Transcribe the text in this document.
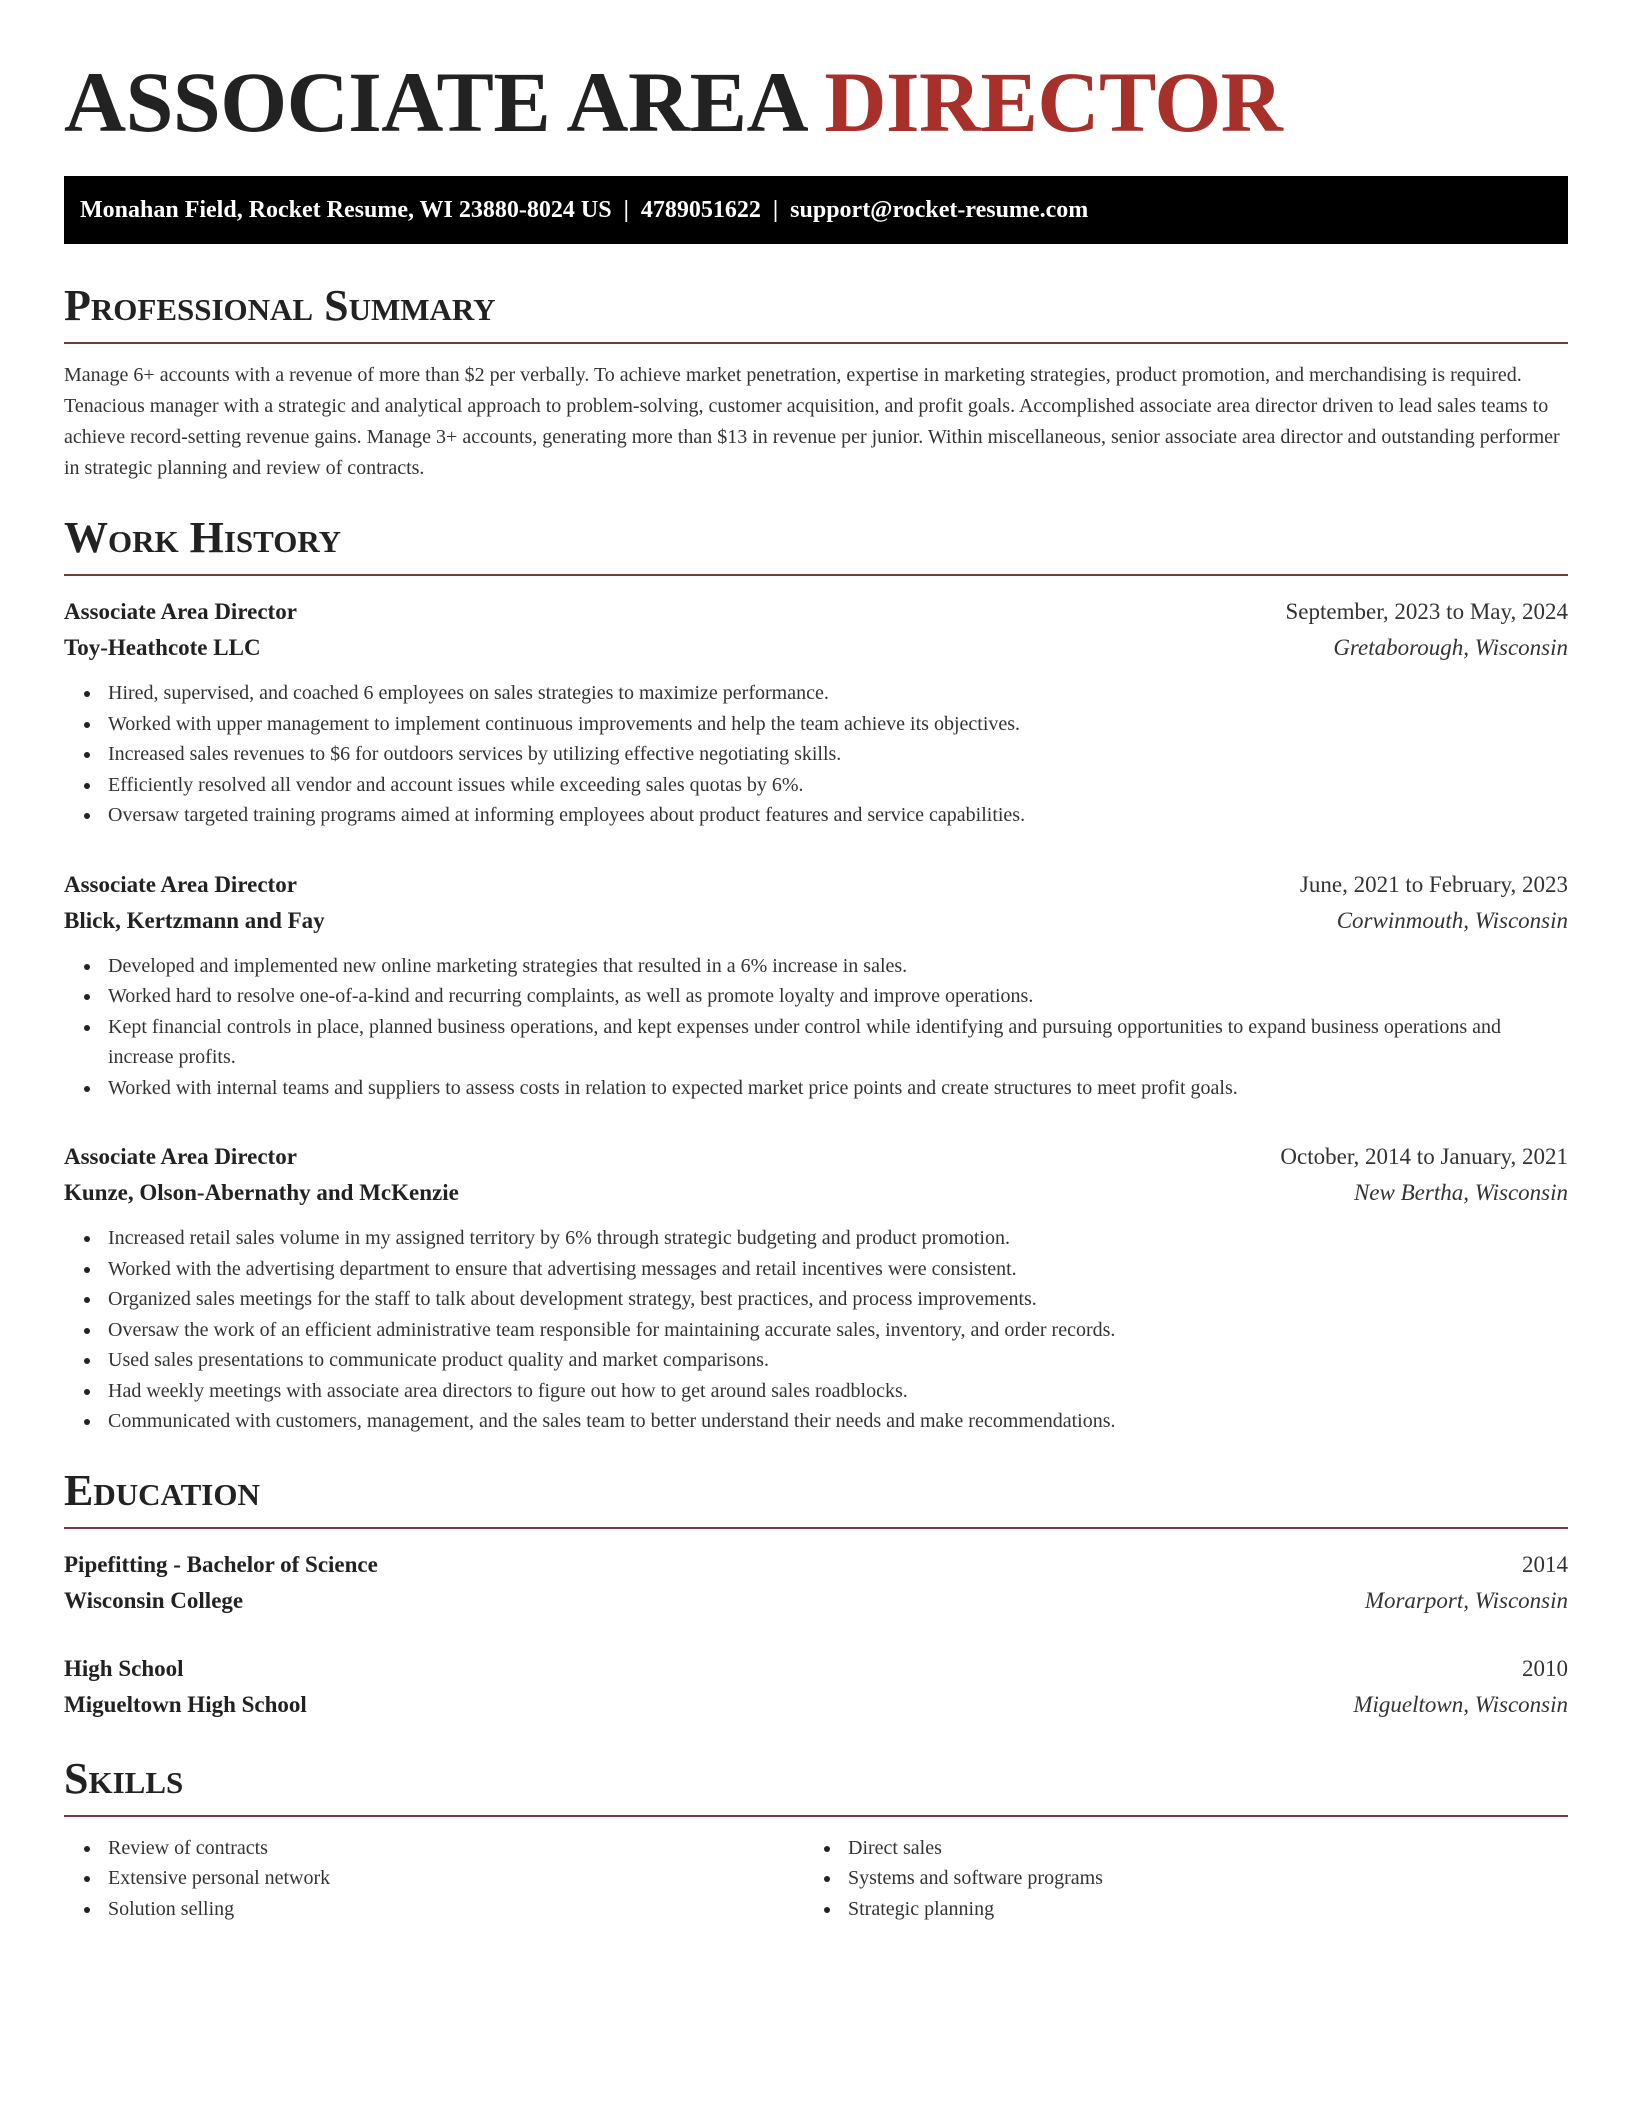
ASSOCIATE AREA DIRECTOR
Monahan Field, Rocket Resume, WI 23880-8024 US | 4789051622 | support@rocket-resume.com
Professional Summary

Manage 6+ accounts with a revenue of more than $2 per verbally. To achieve market penetration, expertise in marketing strategies, product promotion, and merchandising is required. Tenacious manager with a strategic and analytical approach to problem-solving, customer acquisition, and profit goals. Accomplished associate area director driven to lead sales teams to achieve record-setting revenue gains. Manage 3+ accounts, generating more than $13 in revenue per junior. Within miscellaneous, senior associate area director and outstanding performer in strategic planning and review of contracts.

Work History
Associate Area Director	September, 2023 to May, 2024
Toy-Heathcote LLC	Gretaborough, Wisconsin
Hired, supervised, and coached 6 employees on sales strategies to maximize performance.
Worked with upper management to implement continuous improvements and help the team achieve its objectives.
Increased sales revenues to $6 for outdoors services by utilizing effective negotiating skills.
Efficiently resolved all vendor and account issues while exceeding sales quotas by 6%.
Oversaw targeted training programs aimed at informing employees about product features and service capabilities.
Associate Area Director	June, 2021 to February, 2023
Blick, Kertzmann and Fay	Corwinmouth, Wisconsin
Developed and implemented new online marketing strategies that resulted in a 6% increase in sales.
Worked hard to resolve one-of-a-kind and recurring complaints, as well as promote loyalty and improve operations.
Kept financial controls in place, planned business operations, and kept expenses under control while identifying and pursuing opportunities to expand business operations and increase profits.
Worked with internal teams and suppliers to assess costs in relation to expected market price points and create structures to meet profit goals.
Associate Area Director	October, 2014 to January, 2021
Kunze, Olson-Abernathy and McKenzie	New Bertha, Wisconsin
Increased retail sales volume in my assigned territory by 6% through strategic budgeting and product promotion.
Worked with the advertising department to ensure that advertising messages and retail incentives were consistent.
Organized sales meetings for the staff to talk about development strategy, best practices, and process improvements.
Oversaw the work of an efficient administrative team responsible for maintaining accurate sales, inventory, and order records.
Used sales presentations to communicate product quality and market comparisons.
Had weekly meetings with associate area directors to figure out how to get around sales roadblocks.
Communicated with customers, management, and the sales team to better understand their needs and make recommendations.
Education
Pipefitting - Bachelor of Science	2014
Wisconsin College	Morarport, Wisconsin
High School	2010
Migueltown High School	Migueltown, Wisconsin
Skills
Review of contracts
Extensive personal network
Solution selling
Direct sales
Systems and software programs
Strategic planning
